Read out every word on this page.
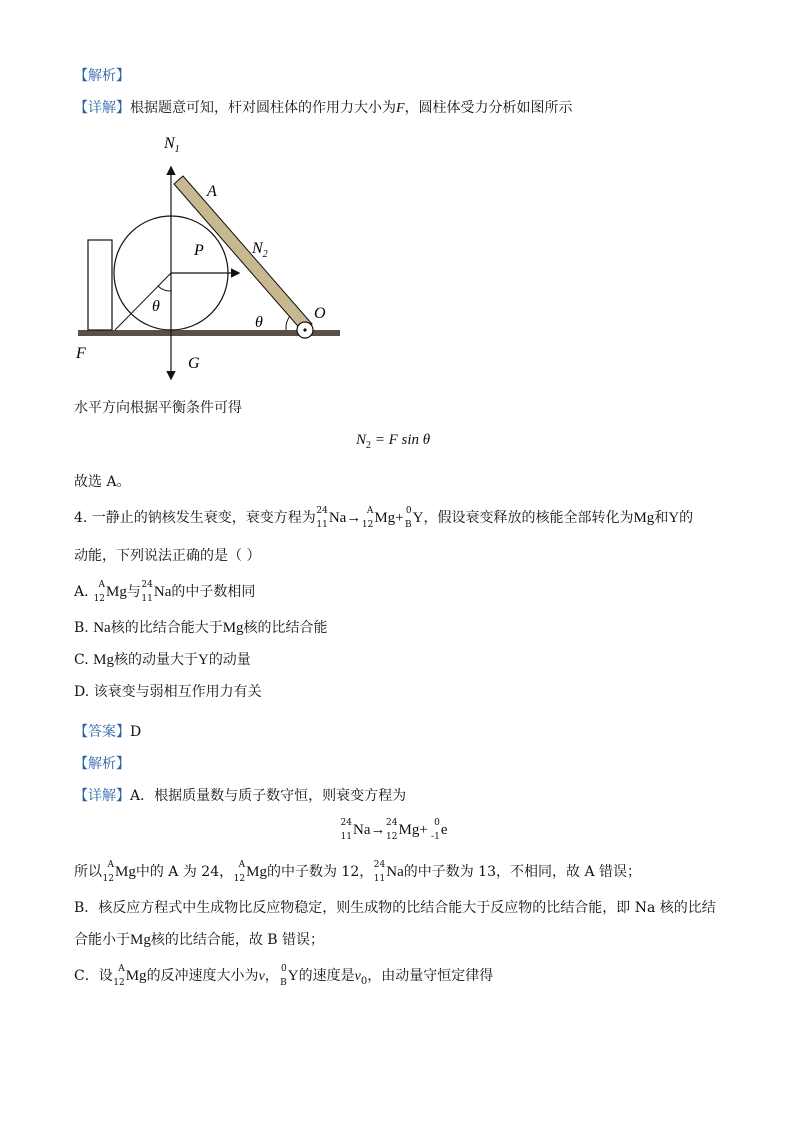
【解析】
【详解】根据题意可知，杆对圆柱体的作用力大小为F，圆柱体受力分析如图所示
$N_1$
A
P	$N_2$
θ
θ
O
F
G
水平方向根据平衡条件可得
$N_2 = F$ sin θ
故选 A。
4. 一静止的钠核发生衰变，衰变方程为 24
11 Na→ A
12 Mg+ 0
B Y，假设衰变释放的核能全部转化为Mg和Y的
动能，下列说法正确的是（ ）
A. A
12 Mg与 24
11 Na的中子数相同
B. Na核的比结合能大于Mg核的比结合能
C. Mg核的动量大于Y的动量
D. 该衰变与弱相互作用力有关
【答案】D
【解析】
【详解】A．根据质量数与质子数守恒，则衰变方程为
24
11 Na→ 24
12 Mg+ 0
-1 e
所以 A
12 Mg中的 A 为 24， A
12 Mg的中子数为 12， 24
11 Na的中子数为 13，不相同，故 A 错误；
B．核反应方程式中生成物比反应物稳定，则生成物的比结合能大于反应物的比结合能，即 Na 核的比结
合能小于Mg核的比结合能，故 B 错误；
C．设 A
12 Mg的反冲速度大小为v， 0
B Y的速度是$v_0$，由动量守恒定律得
